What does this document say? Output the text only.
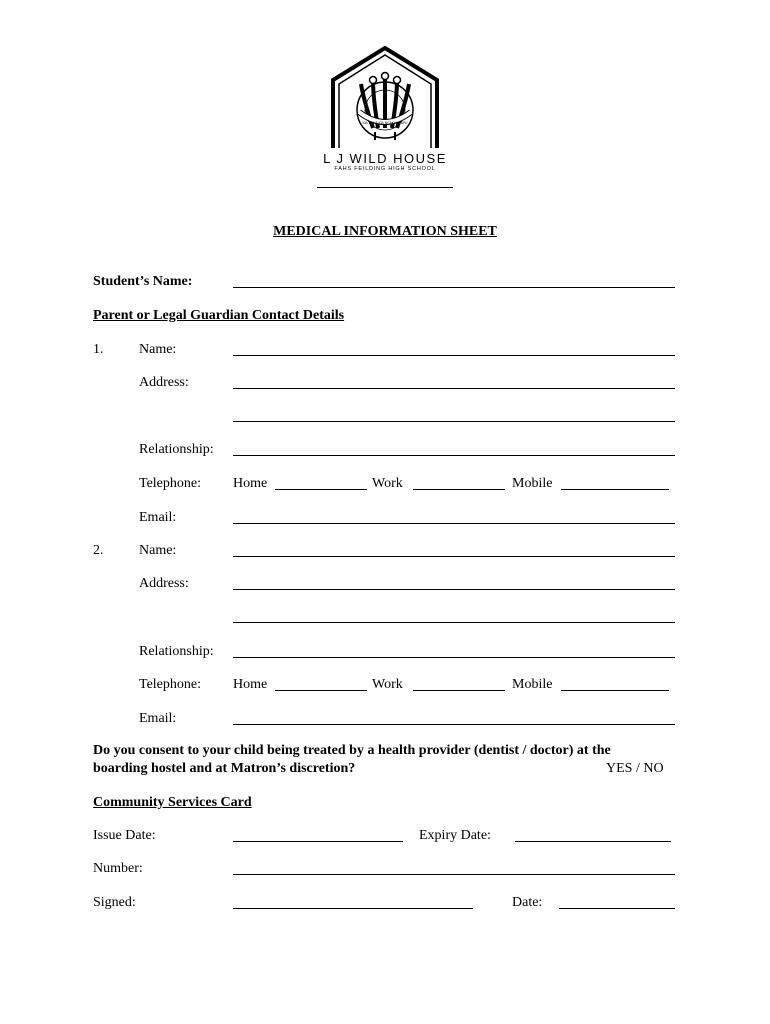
KIA KAHA KIA NGAKAU TAPU
L J WILD HOUSE
FAHS FEILDING HIGH SCHOOL
MEDICAL INFORMATION SHEET
Student’s Name:
Parent or Legal Guardian Contact Details
1.	Name:
Address:
Relationship:
Telephone: Home	Work	Mobile
Email:
2.	Name:
Address:
Relationship:
Telephone: Home	Work	Mobile
Email:
Do you consent to your child being treated by a health provider (dentist / doctor) at the
boarding hostel and at Matron’s discretion?	YES / NO
Community Services Card
Issue Date:	Expiry Date:
Number:
Signed:	Date:
